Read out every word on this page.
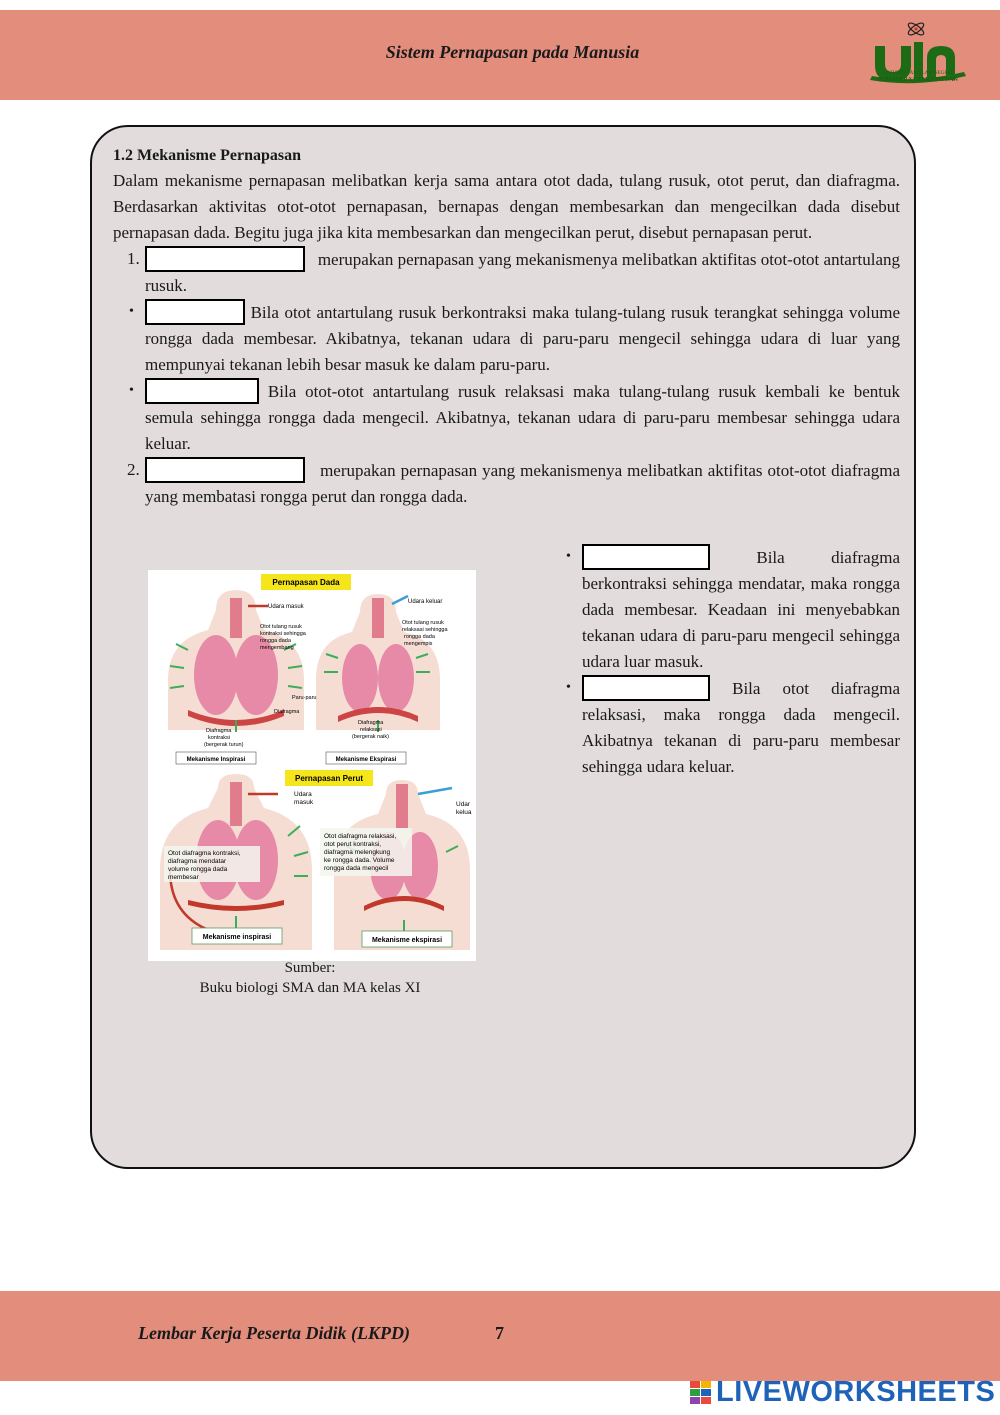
Sistem Pernapasan pada Manusia
UNIVERSITAS ISLAM NEGERI
SUMATERA UTARA MEDAN
1.2 Mekanisme Pernapasan

Dalam mekanisme pernapasan melibatkan kerja sama antara otot dada, tulang rusuk, otot perut, dan diafragma. Berdasarkan aktivitas otot-otot pernapasan, bernapas dengan membesarkan dan mengecilkan dada disebut pernapasan dada. Begitu juga jika kita membesarkan dan mengecilkan perut, disebut pernapasan perut.

1.	merupakan pernapasan yang mekanismenya melibatkan aktifitas otot-otot antartulang rusuk.
•	Bila otot antartulang rusuk berkontraksi maka tulang-tulang rusuk terangkat sehingga volume rongga dada membesar. Akibatnya, tekanan udara di paru-paru mengecil sehingga udara di luar yang mempunyai tekanan lebih besar masuk ke dalam paru-paru.
•	Bila otot-otot antartulang rusuk relaksasi maka tulang-tulang rusuk kembali ke bentuk semula sehingga rongga dada mengecil. Akibatnya, tekanan udara di paru-paru membesar sehingga udara keluar.
2.	merupakan pernapasan yang mekanismenya melibatkan aktifitas otot-otot diafragma yang membatasi rongga perut dan rongga dada.
Pernapasan Dada
Udara masuk
Otot tulang rusuk
kontraksi sehingga
rongga dada
mengembang
Diafragma
kontraksi
(bergerak turun)
Udara keluar
Otot tulang rusuk
relaksasi sehingga
rongga dada
mengempis
Paru-paru
Diafragma
Diafragma
relaksasi
(bergerak naik)
Mekanisme Inspirasi	Mekanisme Ekspirasi
Pernapasan Perut
Udara
masuk
Otot diafragma kontraksi,
diafragma mendatar
volume rongga dada
membesar
Udar
kelua
Otot diafragma relaksasi,
otot perut kontraksi,
diafragma melengkung
ke rongga dada. Volume
rongga dada mengecil
Mekanisme inspirasi	Mekanisme ekspirasi
Sumber:
Buku biologi SMA dan MA kelas XI
•	Bila diafragma berkontraksi sehingga mendatar, maka rongga dada membesar. Keadaan ini menyebabkan tekanan udara di paru-paru mengecil sehingga udara luar masuk.
•	Bila otot diafragma relaksasi, maka rongga dada mengecil. Akibatnya tekanan di paru-paru membesar sehingga udara keluar.
Lembar Kerja Peserta Didik (LKPD)	7
LIVEWORKSHEETS
